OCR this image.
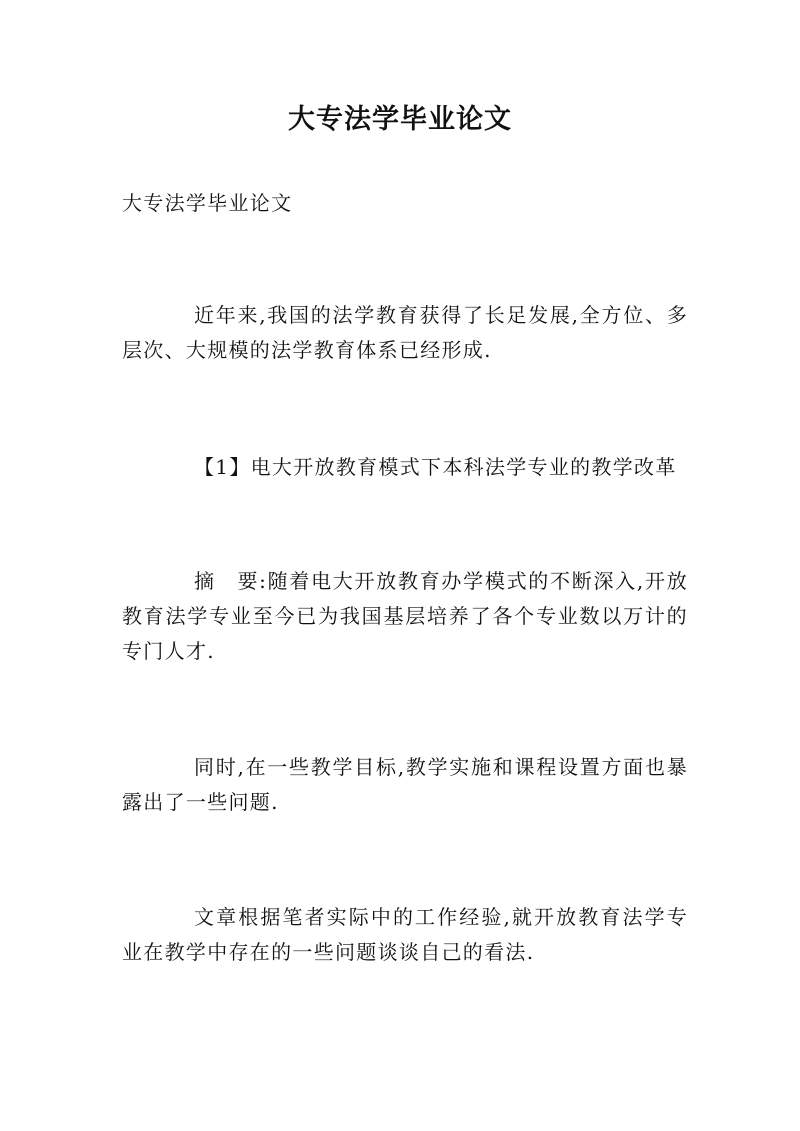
大专法学毕业论文
大专法学毕业论文
近年来,我国的法学教育获得了长足发展,全方位、多层次、大规模的法学教育体系已经形成.
【1】电大开放教育模式下本科法学专业的教学改革
摘　要:随着电大开放教育办学模式的不断深入,开放教育法学专业至今已为我国基层培养了各个专业数以万计的专门人才.
同时,在一些教学目标,教学实施和课程设置方面也暴露出了一些问题.
文章根据笔者实际中的工作经验,就开放教育法学专业在教学中存在的一些问题谈谈自己的看法.
